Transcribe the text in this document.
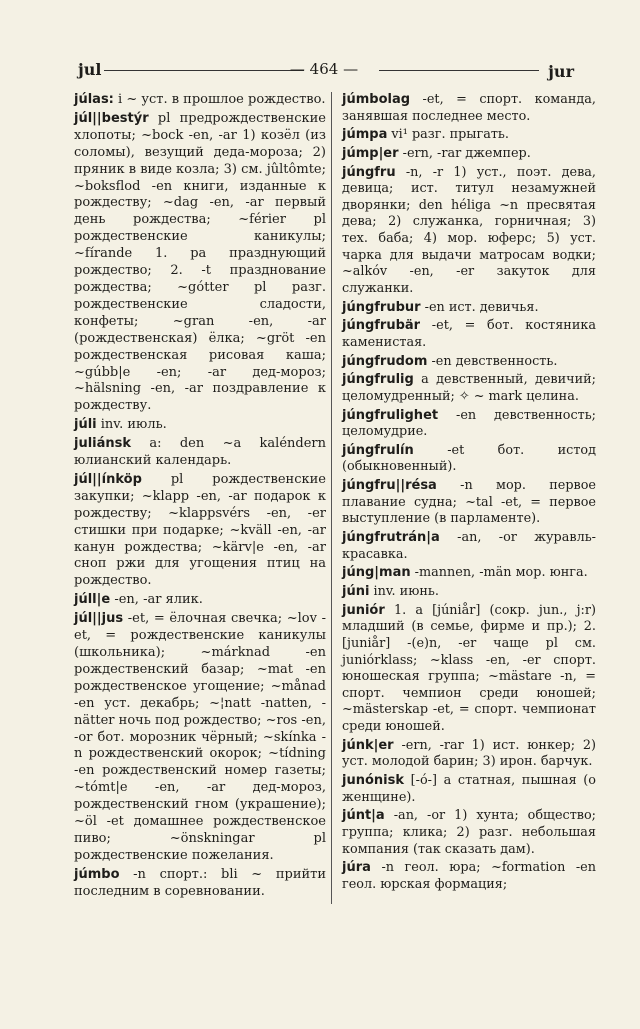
jul	— 464 —	jur

júlas: i ~ уст. в прошлое рождество.

júl||bestýr pl предрождественские хлопоты; ~bock -en, -ar 1) козёл (из соломы), везущий деда-мороза; 2) пряник в виде козла; 3) см. jûltômte; ~boksflod -en книги, изданные к рождеству; ~dag -en, -ar первый день рождества; ~férier pl рождественские каникулы; ~fírande 1. pa празднующий рождество; 2. -t празднование рождества; ~gótter pl разг. рождественские сладости, конфеты; ~gran -en, -ar (рождественская) ёлка; ~gröt -en рождественская рисовая каша; ~gúbb|e -en; -ar дед-мороз; ~hälsning -en, -ar поздравление к рождеству.

júli inv. июль.

juliánsk a: den ~a kaléndern юлианский календарь.

júl||ínköp pl рождественские закупки; ~klapp -en, -ar подарок к рождеству; ~klappsvérs -en, -er стишки при подарке; ~kväll -en, -ar канун рождества; ~kärv|e -en, -ar сноп ржи для угощения птиц на рождество.

júll|e -en, -ar ялик.

júl||jus -et, = ёлочная свечка; ~lov -et, = рождественские каникулы (школьника); ~márknad -en рождественский базар; ~mat -en рождественское угощение; ~månad -en уст. декабрь; ~¦natt -natten, -nätter ночь под рождество; ~ros -en, -or бот. морозник чёрный; ~skínka -n рождественский окорок; ~tídning -en рождественский номер газеты; ~tómt|e -en, -ar дед-мороз, рождественский гном (украшение); ~öl -et домашнее рождественское пиво; ~önskningar pl рождественские пожелания.

júmbo -n спорт.: bli ~ прийти последним в соревновании.

júmbolag -et, = спорт. команда, занявшая последнее место.

júmpa vi¹ разг. прыгать.

júmp|er -ern, -rar джемпер.

júngfru -n, -r 1) уст., поэт. дева, девица; ист. титул незамужней дворянки; den héliga ~n пресвятая дева; 2) служанка, горничная; 3) тех. баба; 4) мор. юферс; 5) уст. чарка для выдачи матросам водки; ~alkóv -en, -er закуток для служанки.

júngfrubur -en ист. девичья.

júngfrubär -et, = бот. костяника каменистая.

júngfrudom -en девственность.

júngfrulig a девственный, девичий; целомудренный; ✧ ~ mark целина.

júngfrulighet -en девственность; целомудрие.

júngfrulín	-et бот. истод (обыкновенный).

júngfru||résa -n мор. первое плавание судна; ~tal -et, = первое выступление (в парламенте).

júngfrutrán|a -an, -or журавль-красавка.

júng|man -mannen, -män мор. юнга.

júni inv. июнь.

juniór 1. a [júniår] (сокр. jun., j:r) младший (в семье, фирме и пр.); 2. [juniår] -(e)n, -er чаще pl см. juniórklass; ~klass -en, -er спорт. юношеская группа; ~mästare -n, = спорт. чемпион среди юношей; ~mästerskap -et, = спорт. чемпионат среди юношей.

júnk|er -ern, -rar 1) ист. юнкер; 2) уст. молодой барин; 3) ирон. барчук.

junónisk [-ó-] a статная, пышная (о женщине).

júnt|a -an, -or 1) хунта; общество; группа; клика; 2) разг. небольшая компания (так сказать дам).

júra -n геол. юра; ~formation -en геол. юрская формация;
